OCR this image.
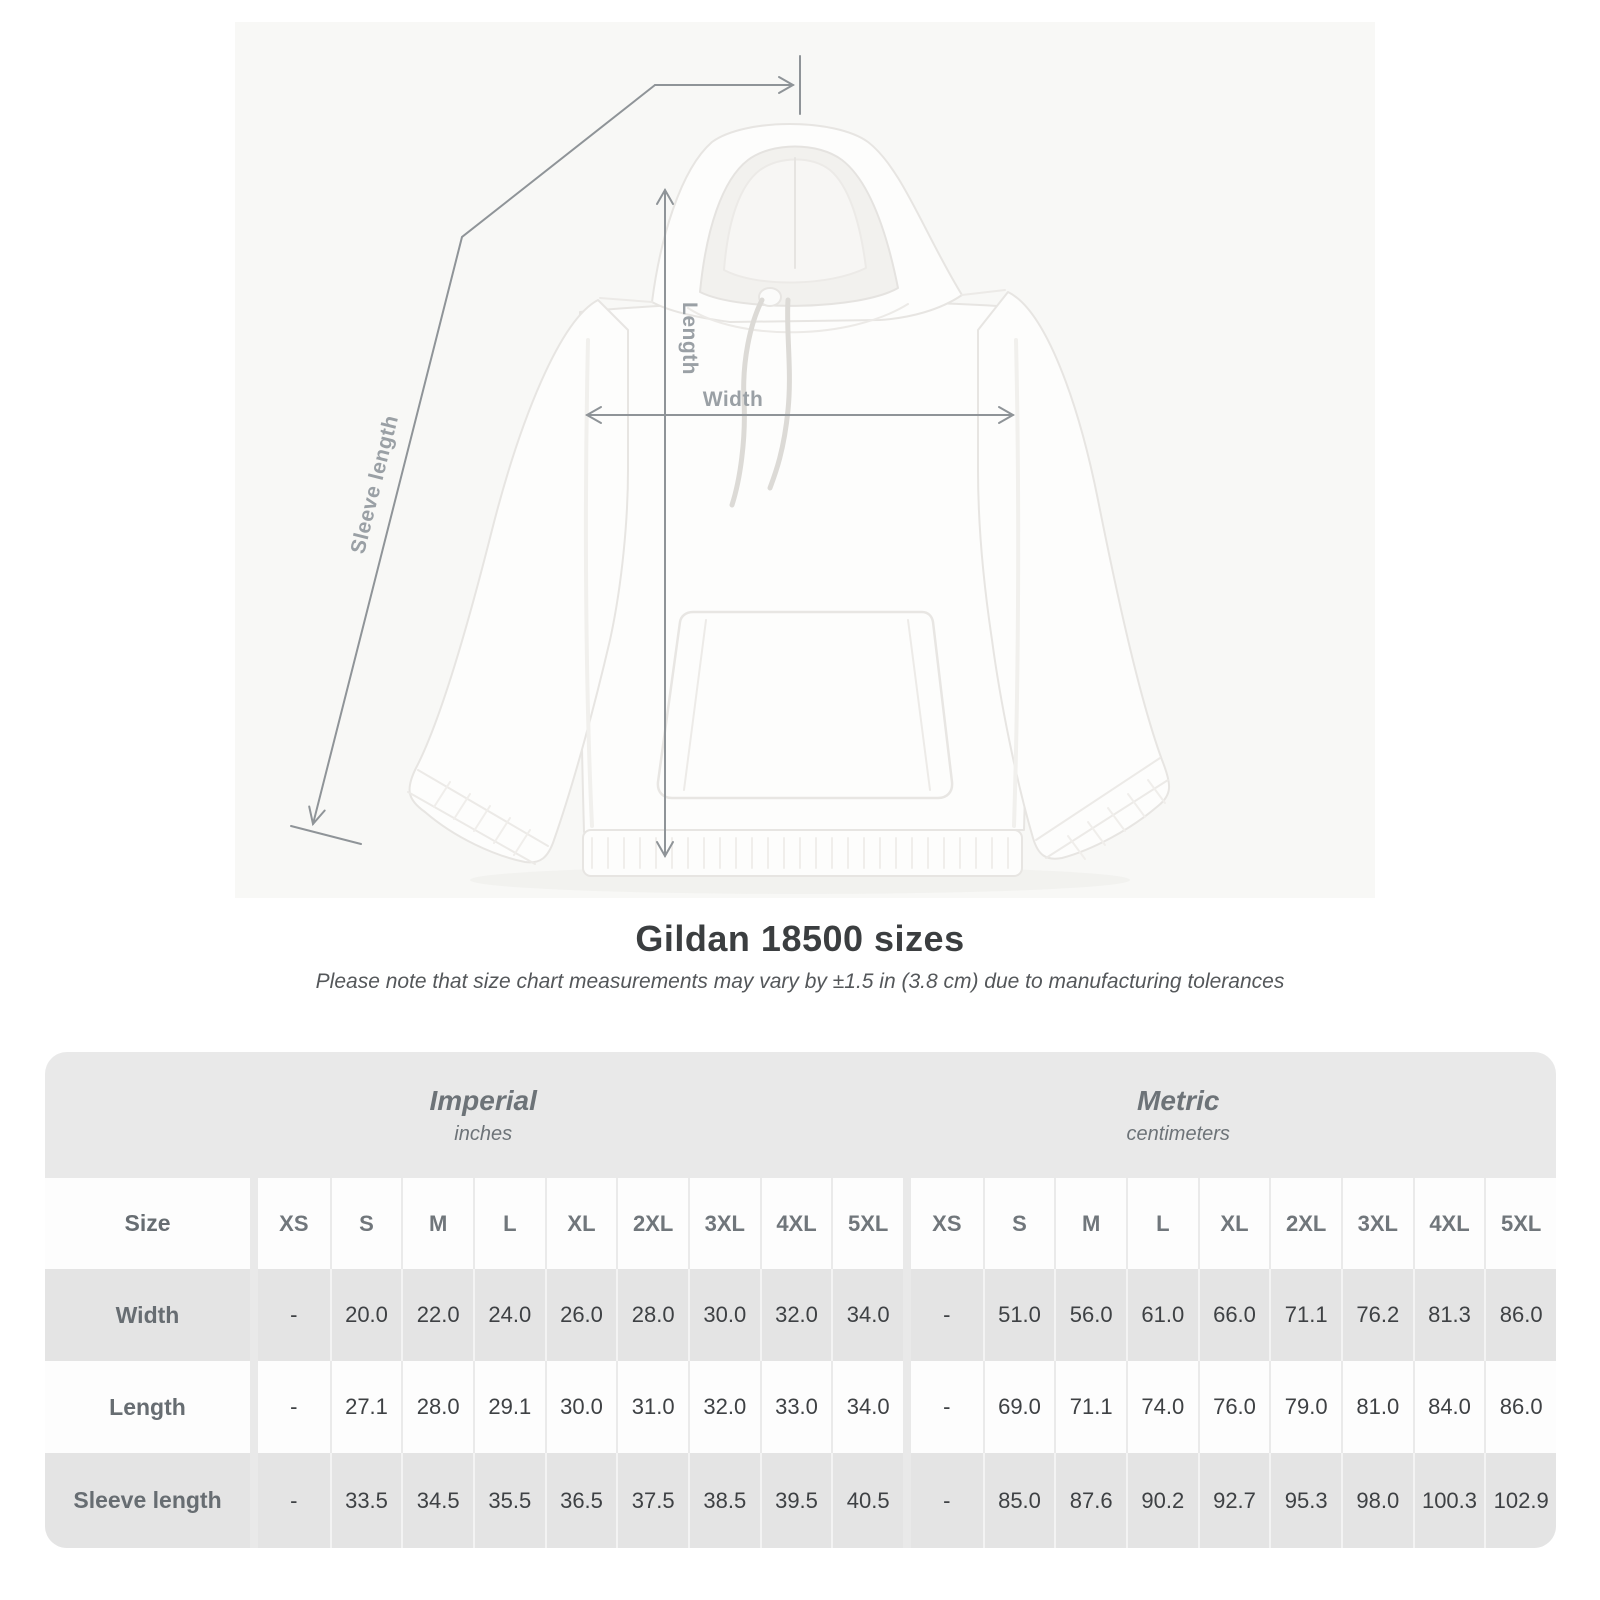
Width
Length
Sleeve length
Gildan 18500 sizes

Please note that size chart measurements may vary by ±1.5 in (3.8 cm) due to manufacturing tolerances

Imperial
inches
Metric
centimeters
Size	XS	S	M	L	XL	2XL	3XL	4XL	5XL	XS	S	M	L	XL	2XL	3XL	4XL	5XL
Width	-	20.0	22.0	24.0	26.0	28.0	30.0	32.0	34.0	-	51.0	56.0	61.0	66.0	71.1	76.2	81.3	86.0
Length	-	27.1	28.0	29.1	30.0	31.0	32.0	33.0	34.0	-	69.0	71.1	74.0	76.0	79.0	81.0	84.0	86.0
Sleeve length	-	33.5	34.5	35.5	36.5	37.5	38.5	39.5	40.5	-	85.0	87.6	90.2	92.7	95.3	98.0	100.3 102.9
